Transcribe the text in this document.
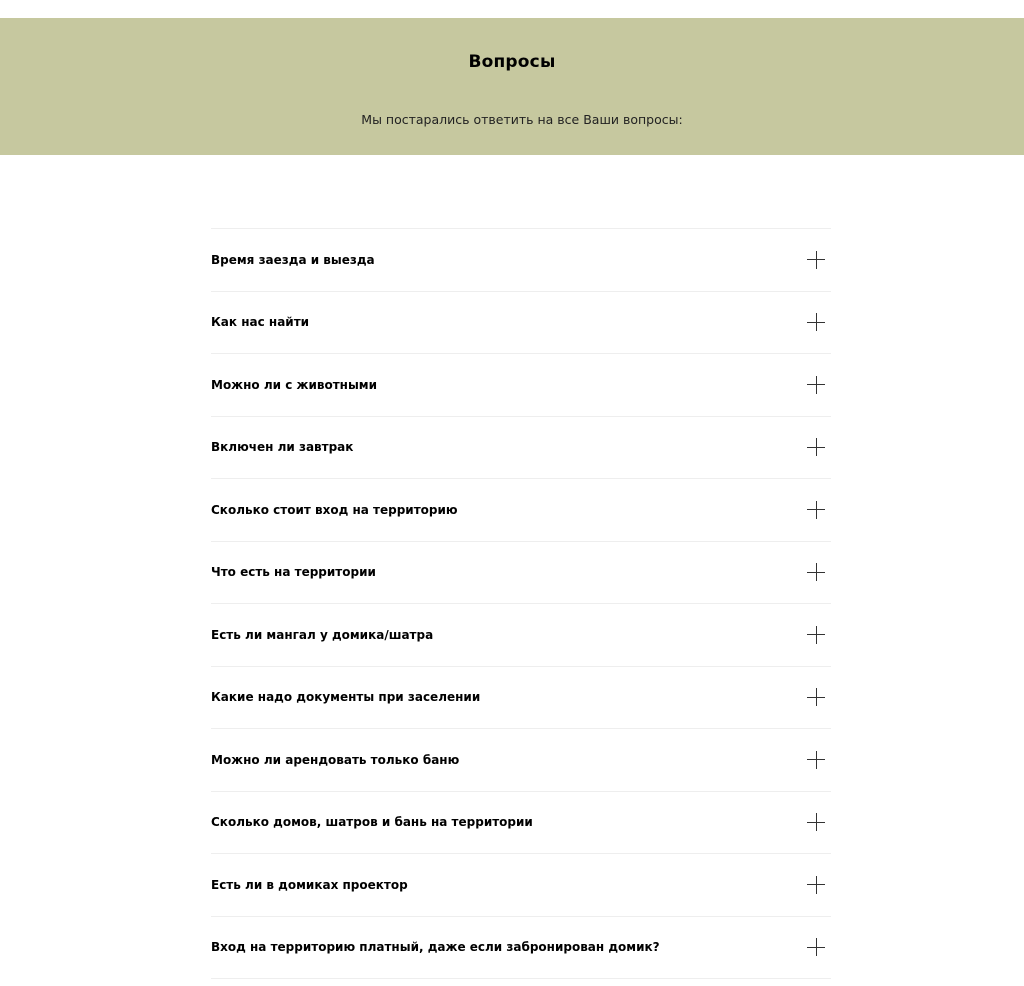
Вопросы
Мы постарались ответить на все Ваши вопросы:
Время заезда и выезда
Как нас найти
Можно ли с животными
Включен ли завтрак
Сколько стоит вход на территорию
Что есть на территории
Есть ли мангал у домика/шатра
Какие надо документы при заселении
Можно ли арендовать только баню
Сколько домов, шатров и бань на территории
Есть ли в домиках проектор
Вход на территорию платный, даже если забронирован домик?
